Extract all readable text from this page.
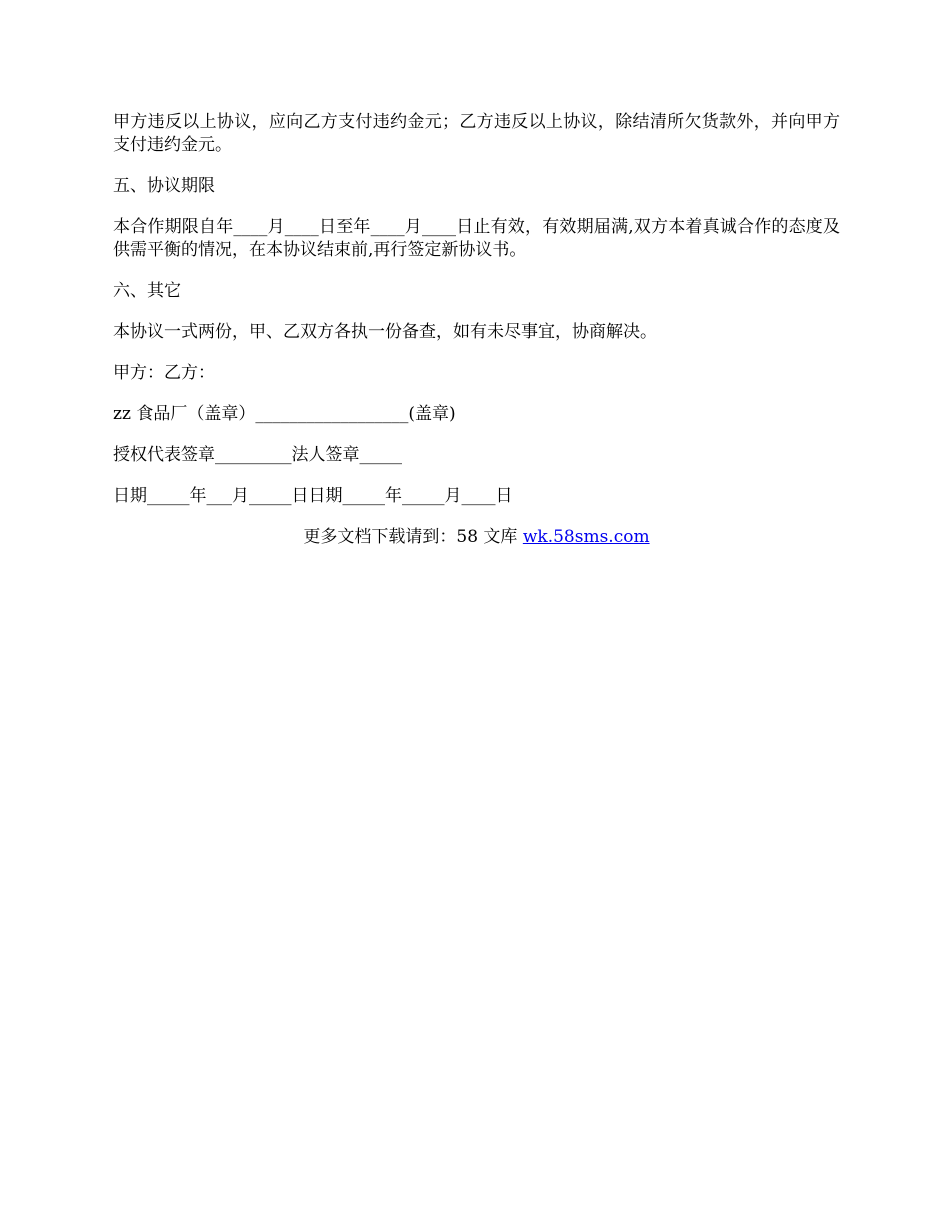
甲方违反以上协议，应向乙方支付违约金元；乙方违反以上协议，除结清所欠货款外，并向甲方支付违约金元。

五、协议期限

本合作期限自年____月____日至年____月____日止有效，有效期届满,双方本着真诚合作的态度及供需平衡的情况，在本协议结束前,再行签定新协议书。

六、其它

本协议一式两份，甲、乙双方各执一份备查，如有未尽事宜，协商解决。

甲方：乙方：

zz 食品厂（盖章）__________________(盖章)

授权代表签章_________法人签章_____

日期_____年___月_____日日期_____年_____月____日

更多文档下载请到：58 文库 wk.58sms.com
